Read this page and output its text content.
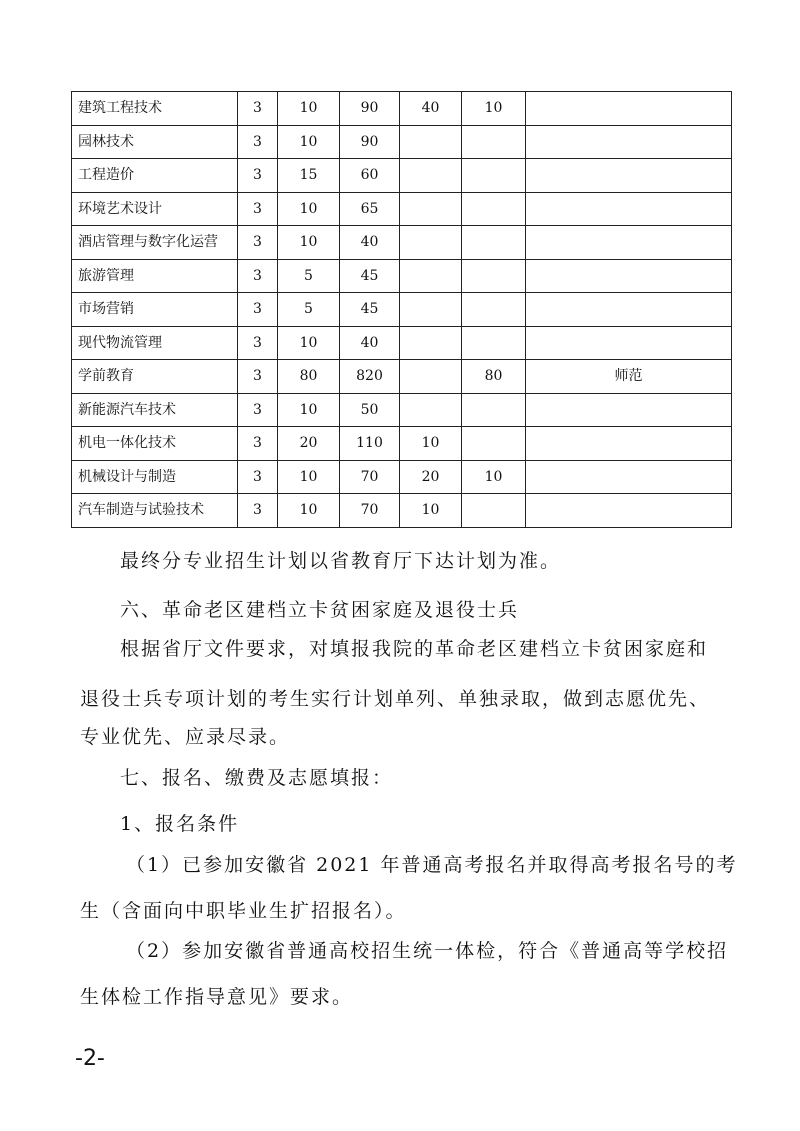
建筑工程技术	3	10	90	40	10	
园林技术	3	10	90			
工程造价	3	15	60			
环境艺术设计	3	10	65			
酒店管理与数字化运营	3	10	40			
旅游管理	3	5	45			
市场营销	3	5	45			
现代物流管理	3	10	40			
学前教育	3	80	820		80	师范
新能源汽车技术	3	10	50			
机电一体化技术	3	20	110	10		
机械设计与制造	3	10	70	20	10	
汽车制造与试验技术	3	10	70	10		
最终分专业招生计划以省教育厅下达计划为准。
六、革命老区建档立卡贫困家庭及退役士兵
根据省厅文件要求，对填报我院的革命老区建档立卡贫困家庭和
退役士兵专项计划的考生实行计划单列、单独录取，做到志愿优先、
专业优先、应录尽录。
七、报名、缴费及志愿填报：
1、报名条件
（1）已参加安徽省 2021 年普通高考报名并取得高考报名号的考
生（含面向中职毕业生扩招报名）。
（2）参加安徽省普通高校招生统一体检，符合《普通高等学校招
生体检工作指导意见》要求。
-2-
